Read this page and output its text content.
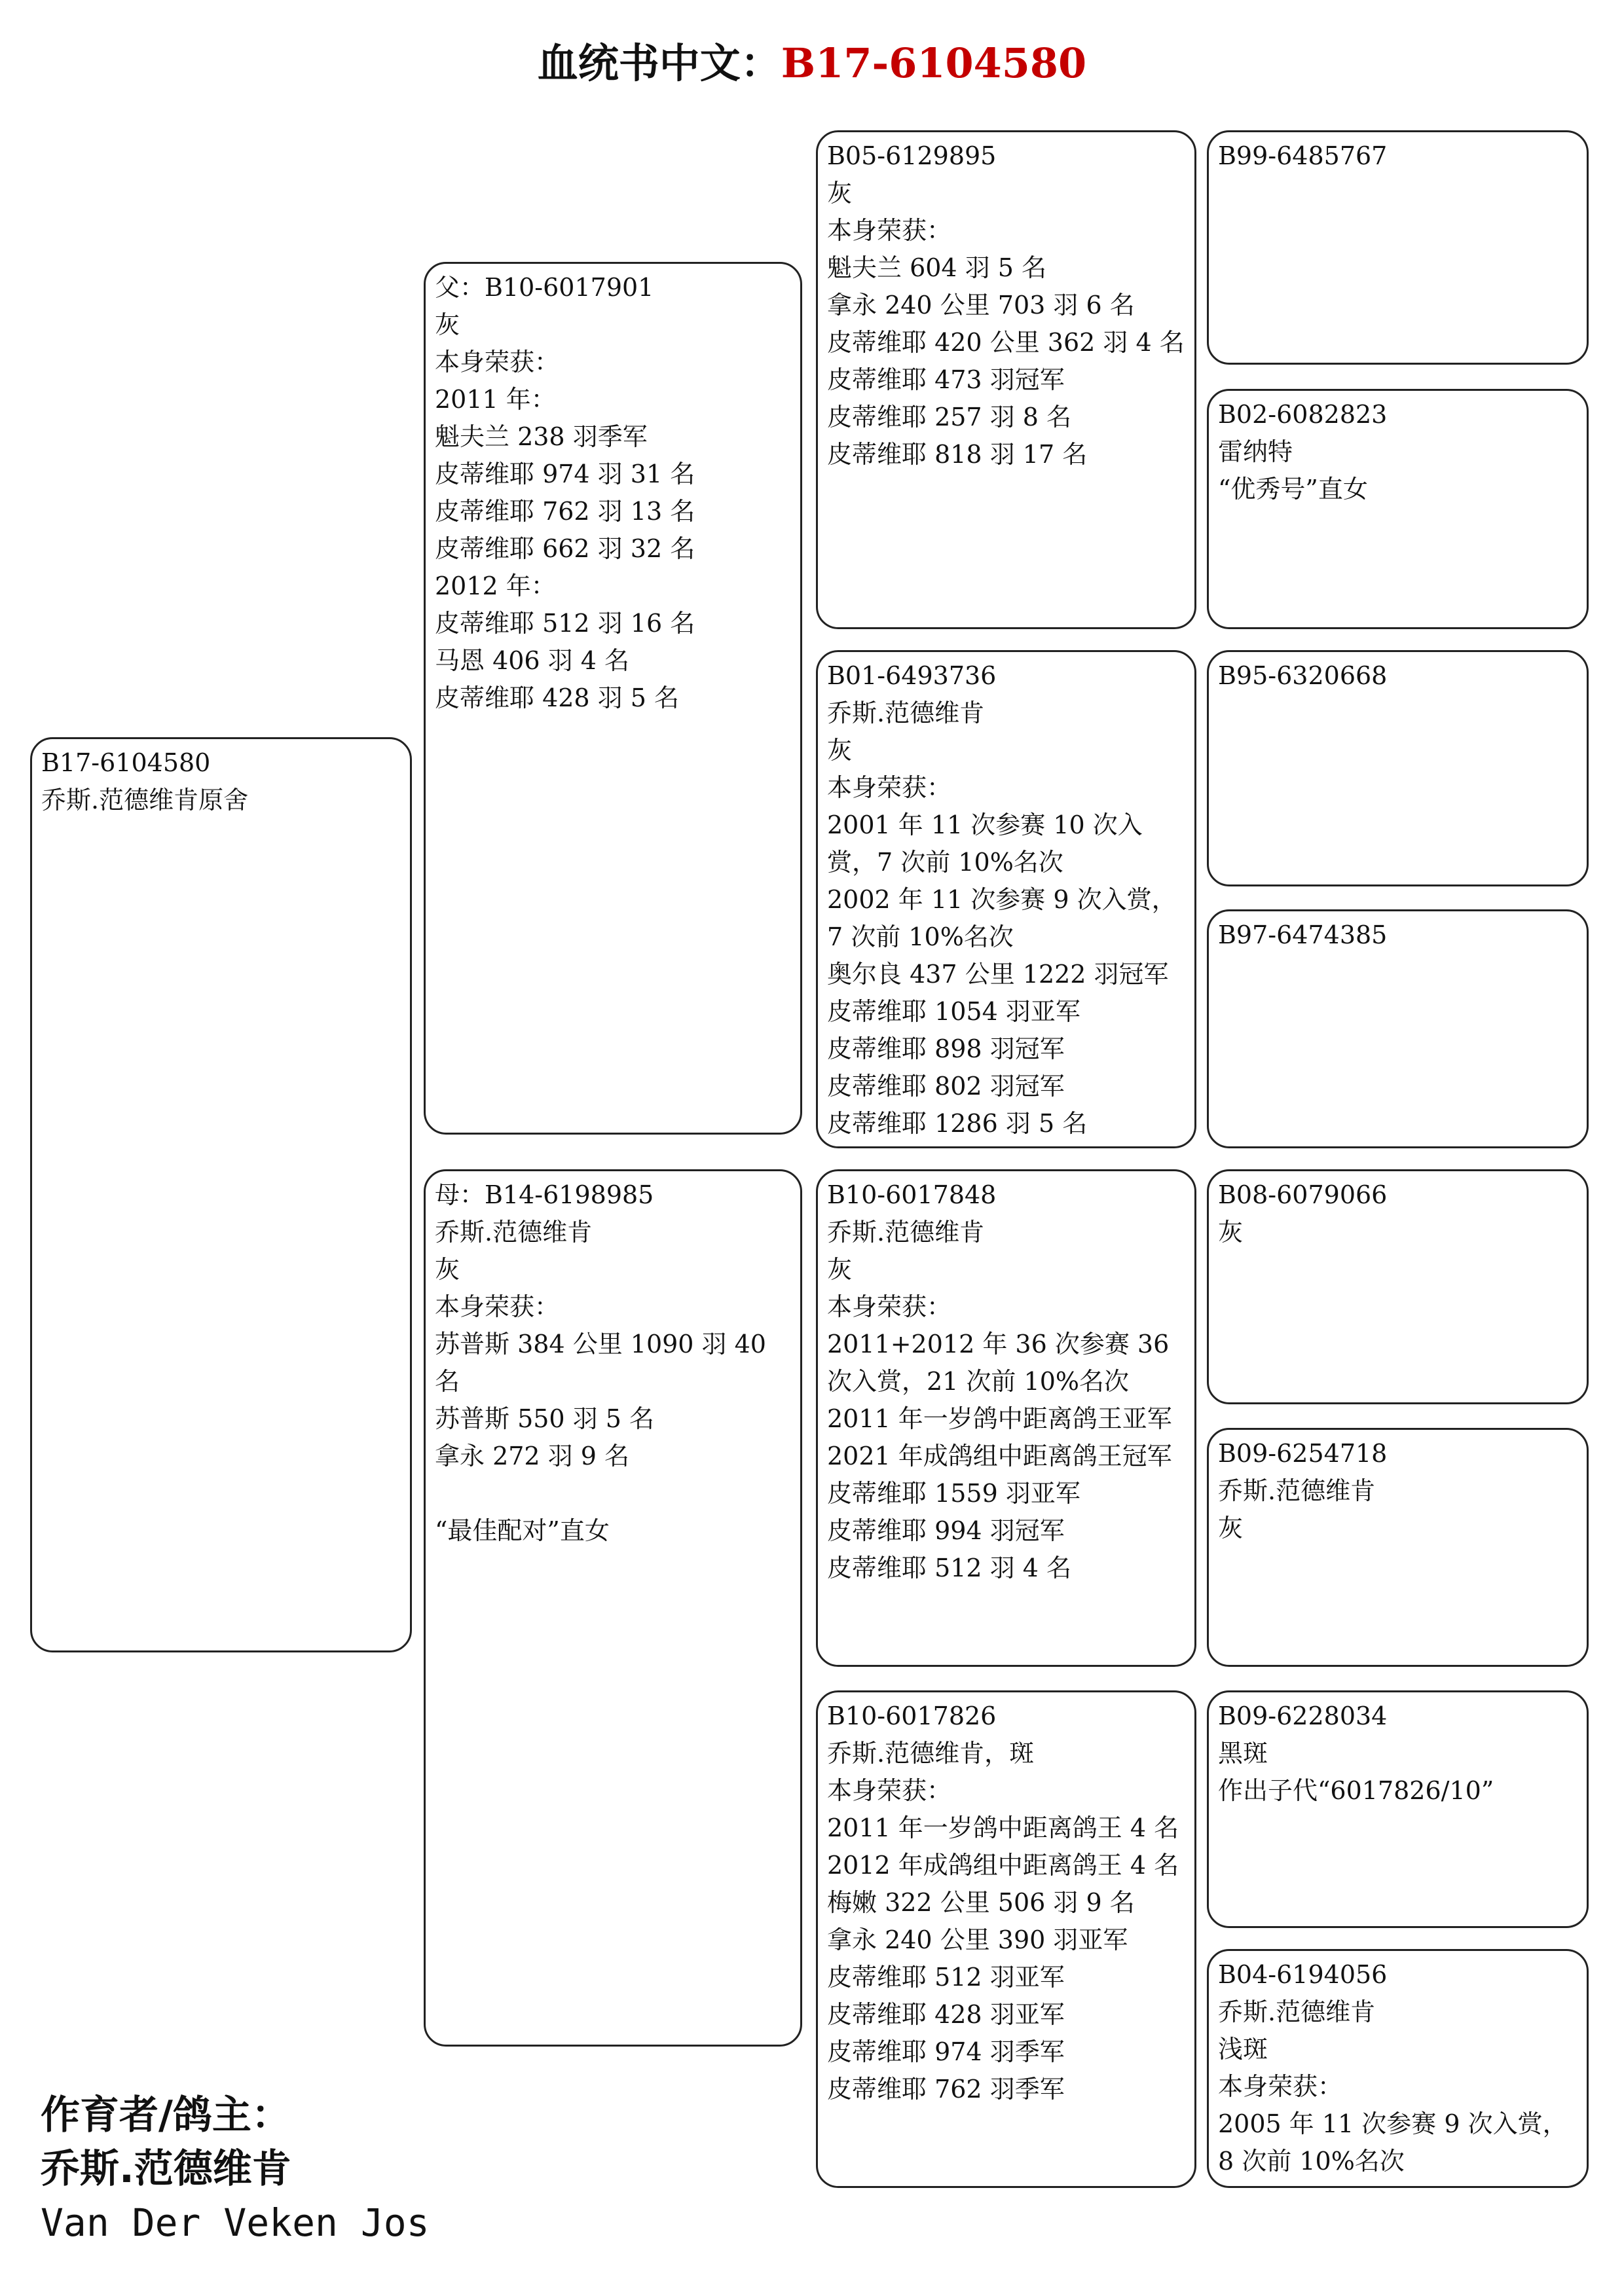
血统书中文：B17-6104580
B17-6104580
乔斯.范德维肯原舍
父：B10-6017901
灰
本身荣获：
2011 年：
魁夫兰 238 羽季军
皮蒂维耶 974 羽 31 名
皮蒂维耶 762 羽 13 名
皮蒂维耶 662 羽 32 名
2012 年：
皮蒂维耶 512 羽 16 名
马恩 406 羽 4 名
皮蒂维耶 428 羽 5 名
母：B14-6198985
乔斯.范德维肯
灰
本身荣获：
苏普斯 384 公里 1090 羽 40 名
苏普斯 550 羽 5 名
拿永 272 羽 9 名

“最佳配对”直女
B05-6129895
灰
本身荣获：
魁夫兰 604 羽 5 名
拿永 240 公里 703 羽 6 名
皮蒂维耶 420 公里 362 羽 4 名
皮蒂维耶 473 羽冠军
皮蒂维耶 257 羽 8 名
皮蒂维耶 818 羽 17 名
B01-6493736
乔斯.范德维肯
灰
本身荣获：
2001 年 11 次参赛 10 次入赏，7 次前 10%名次
2002 年 11 次参赛 9 次入赏，7 次前 10%名次
奥尔良 437 公里 1222 羽冠军
皮蒂维耶 1054 羽亚军
皮蒂维耶 898 羽冠军
皮蒂维耶 802 羽冠军
皮蒂维耶 1286 羽 5 名
B10-6017848
乔斯.范德维肯
灰
本身荣获：
2011+2012 年 36 次参赛 36 次入赏，21 次前 10%名次
2011 年一岁鸽中距离鸽王亚军
2021 年成鸽组中距离鸽王冠军
皮蒂维耶 1559 羽亚军
皮蒂维耶 994 羽冠军
皮蒂维耶 512 羽 4 名
B10-6017826
乔斯.范德维肯，斑
本身荣获：
2011 年一岁鸽中距离鸽王 4 名
2012 年成鸽组中距离鸽王 4 名
梅嫩 322 公里 506 羽 9 名
拿永 240 公里 390 羽亚军
皮蒂维耶 512 羽亚军
皮蒂维耶 428 羽亚军
皮蒂维耶 974 羽季军
皮蒂维耶 762 羽季军
B99-6485767
B02-6082823
雷纳特
“优秀号”直女
B95-6320668
B97-6474385
B08-6079066
灰
B09-6254718
乔斯.范德维肯
灰
B09-6228034
黑斑
作出子代“6017826/10”
B04-6194056
乔斯.范德维肯
浅斑
本身荣获：
2005 年 11 次参赛 9 次入赏，8 次前 10%名次
作育者/鸽主：
乔斯.范德维肯
Van Der Veken Jos
